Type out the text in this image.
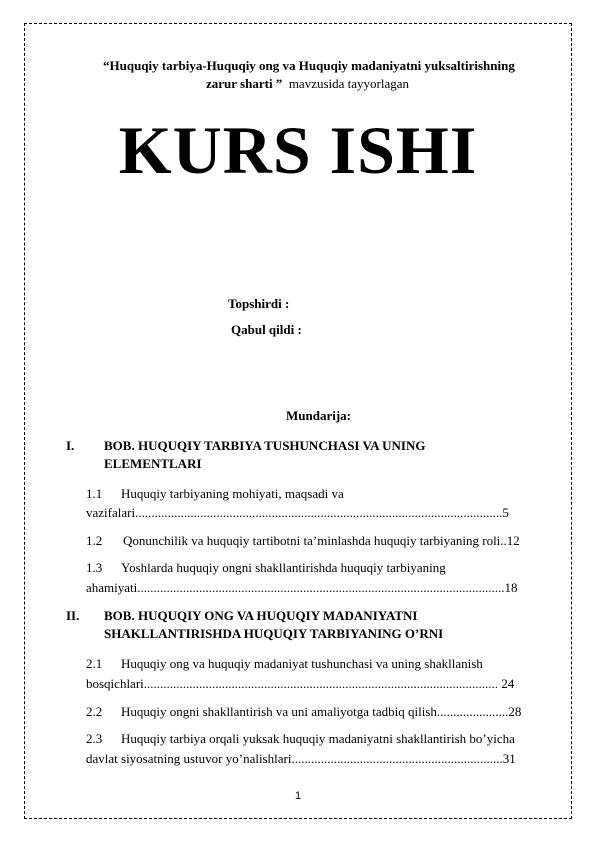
“Huquqiy tarbiya-Huquqiy ong va Huquqiy madaniyatni yuksaltirishning
zarur sharti ” mavzusida tayyorlagan
KURS ISHI
Topshirdi :
Qabul qildi :
Mundarija:
I. BOB. HUQUQIY TARBIYA TUSHUNCHASI VA UNING
ELEMENTLARI
1.1 Huquqiy tarbiyaning mohiyati, maqsadi va
vazifalari.................................................................................................................5
1.2 Qonunchilik va huquqiy tartibotni ta’minlashda huquqiy tarbiyaning roli..12
1.3 Yoshlarda huquqiy ongni shakllantirishda huquqiy tarbiyaning
ahamiyati.................................................................................................................18
II. BOB. HUQUQIY ONG VA HUQUQIY MADANIYATNI
SHAKLLANTIRISHDA HUQUQIY TARBIYANING O’RNI
2.1 Huquqiy ong va huquqiy madaniyat tushunchasi va uning shakllanish
bosqichlari............................................................................................................. 24
2.2 Huquqiy ongni shakllantirish va uni amaliyotga tadbiq qilish......................28
2.3 Huquqiy tarbiya orqali yuksak huquqiy madaniyatni shakllantirish bo’yicha
davlat siyosatning ustuvor yo’nalishlari.................................................................31
1
